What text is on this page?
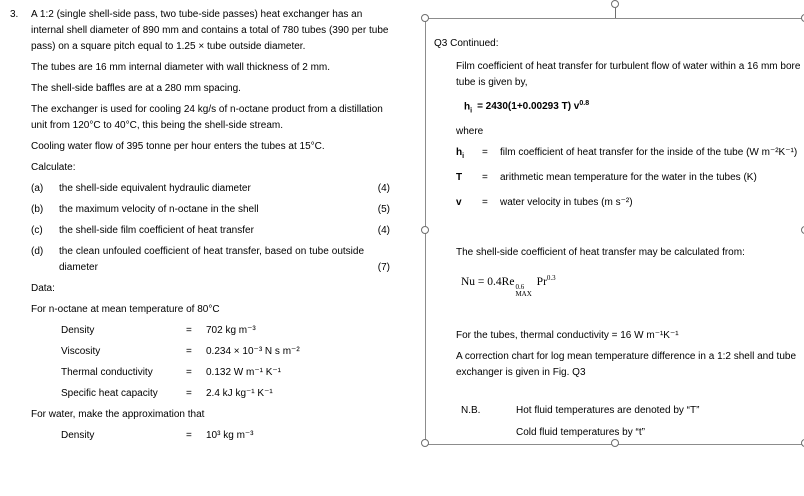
3.	A 1:2 (single shell-side pass, two tube-side passes) heat exchanger has an internal shell diameter of 890 mm and contains a total of 780 tubes (390 per tube pass) on a square pitch equal to 1.25 × tube outside diameter.

The tubes are 16 mm internal diameter with wall thickness of 2 mm.

The shell-side baffles are at a 280 mm spacing.

The exchanger is used for cooling 24 kg/s of n-octane product from a distillation unit from 120°C to 40°C, this being the shell-side stream.

Cooling water flow of 395 tonne per hour enters the tubes at 15°C.

Calculate:

(a)	the shell-side equivalent hydraulic diameter	(4)
(b)	the maximum velocity of n-octane in the shell	(5)
(c)	the shell-side film coefficient of heat transfer	(4)
(d)	the clean unfouled coefficient of heat transfer, based on tube outside diameter	(7)

Data:

For n-octane at mean temperature of 80°C

Density	=	702 kg m⁻³
Viscosity	=	0.234 × 10⁻³ N s m⁻²
Thermal conductivity	=	0.132 W m⁻¹ K⁻¹
Specific heat capacity	=	2.4 kJ kg⁻¹ K⁻¹

For water, make the approximation that

Density	=	10³ kg m⁻³

Q3 Continued:

Film coefficient of heat transfer for turbulent flow of water within a 16 mm bore tube is given by,

$h_i = 2430(1+0.00293$ T) $v^{0.8}$

where

$h_i$	=	film coefficient of heat transfer for the inside of the tube (W m⁻²K⁻¹)
T	=	arithmetic mean temperature for the water in the tubes (K)
v	=	water velocity in tubes (m s⁻²)

The shell-side coefficient of heat transfer may be calculated from:

Nu = 0.4Re 0.6
MAX
$Pr^{0.3}$

For the tubes, thermal conductivity = 16 W m⁻¹K⁻¹

A correction chart for log mean temperature difference in a 1:2 shell and tube exchanger is given in Fig. Q3

N.B.	Hot fluid temperatures are denoted by “T”
Cold fluid temperatures by “t”
